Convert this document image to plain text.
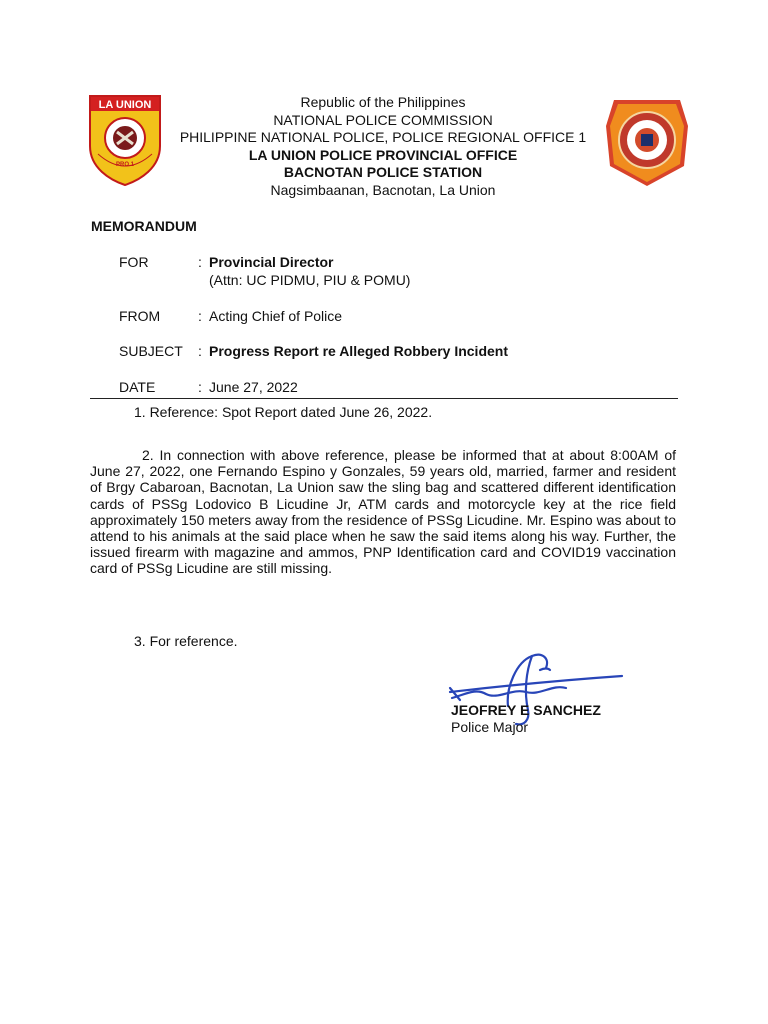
LA UNION
PRO 1
Republic of the Philippines
NATIONAL POLICE COMMISSION
PHILIPPINE NATIONAL POLICE, POLICE REGIONAL OFFICE 1
LA UNION POLICE PROVINCIAL OFFICE
BACNOTAN POLICE STATION
Nagsimbaanan, Bacnotan, La Union
MEMORANDUM
FOR	: Provincial Director
(Attn: UC PIDMU, PIU & POMU)
FROM	: Acting Chief of Police
SUBJECT : Progress Report re Alleged Robbery Incident
DATE	: June 27, 2022
1. Reference: Spot Report dated June 26, 2022.
2. In connection with above reference, please be informed that at about 8:00AM of June 27, 2022, one Fernando Espino y Gonzales, 59 years old, married, farmer and resident of Brgy Cabaroan, Bacnotan, La Union saw the sling bag and scattered different identification cards of PSSg Lodovico B Licudine Jr, ATM cards and motorcycle key at the rice field approximately 150 meters away from the residence of PSSg Licudine. Mr. Espino was about to attend to his animals at the said place when he saw the said items along his way. Further, the issued firearm with magazine and ammos, PNP Identification card and COVID19 vaccination card of PSSg Licudine are still missing.
3. For reference.
JEOFREY E SANCHEZ
Police Major
